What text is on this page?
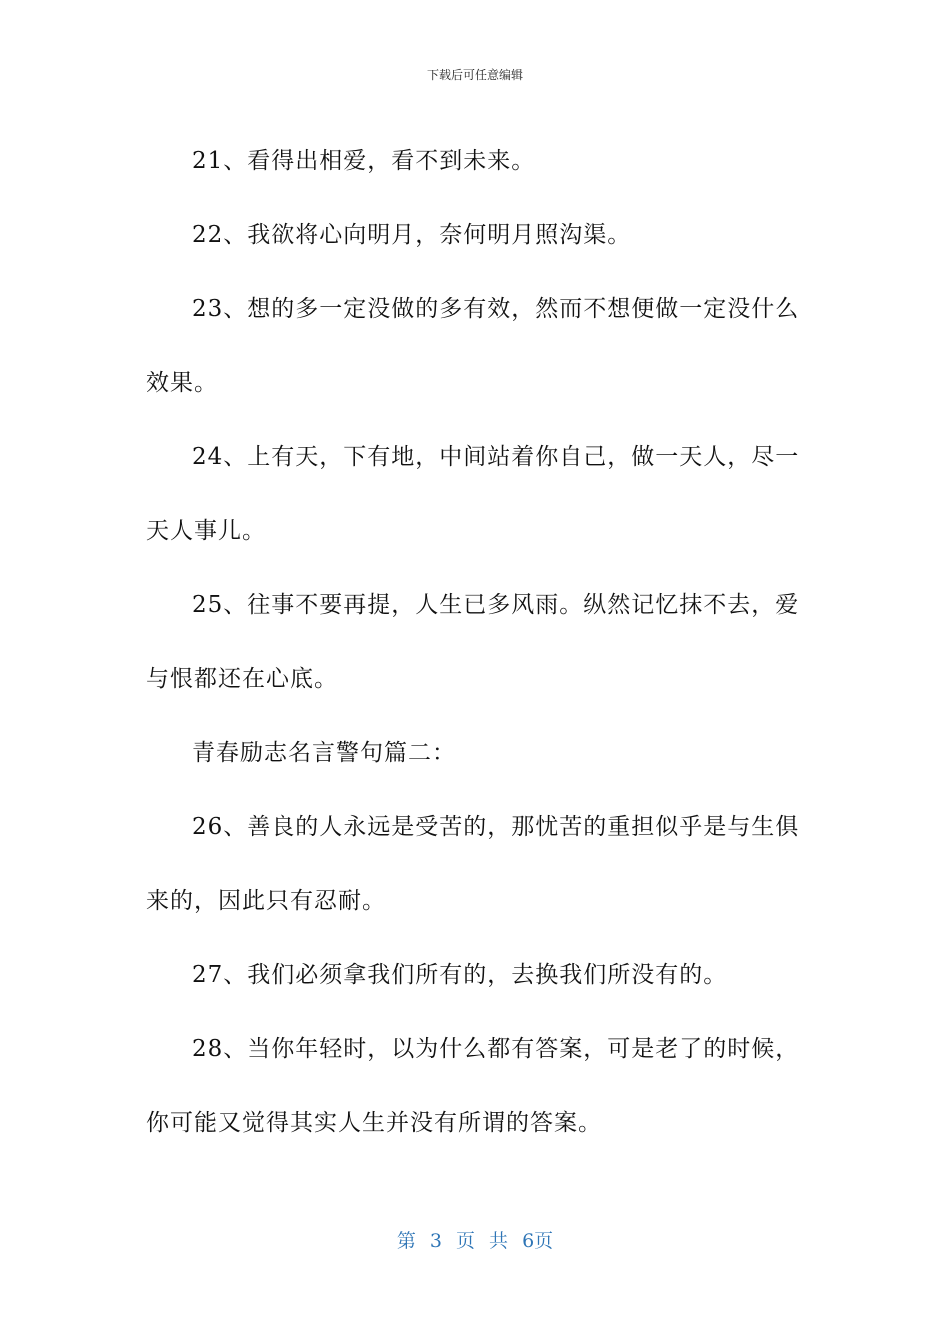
下载后可任意编辑

21、看得出相爱，看不到未来。

22、我欲将心向明月，奈何明月照沟渠。

23、想的多一定没做的多有效，然而不想便做一定没什么效果。

24、上有天，下有地，中间站着你自己，做一天人，尽一天人事儿。

25、往事不要再提，人生已多风雨。纵然记忆抹不去，爱与恨都还在心底。

青春励志名言警句篇二：

26、善良的人永远是受苦的，那忧苦的重担似乎是与生俱来的，因此只有忍耐。

27、我们必须拿我们所有的，去换我们所没有的。

28、当你年轻时，以为什么都有答案，可是老了的时候，你可能又觉得其实人生并没有所谓的答案。

第 3 页 共 6页
